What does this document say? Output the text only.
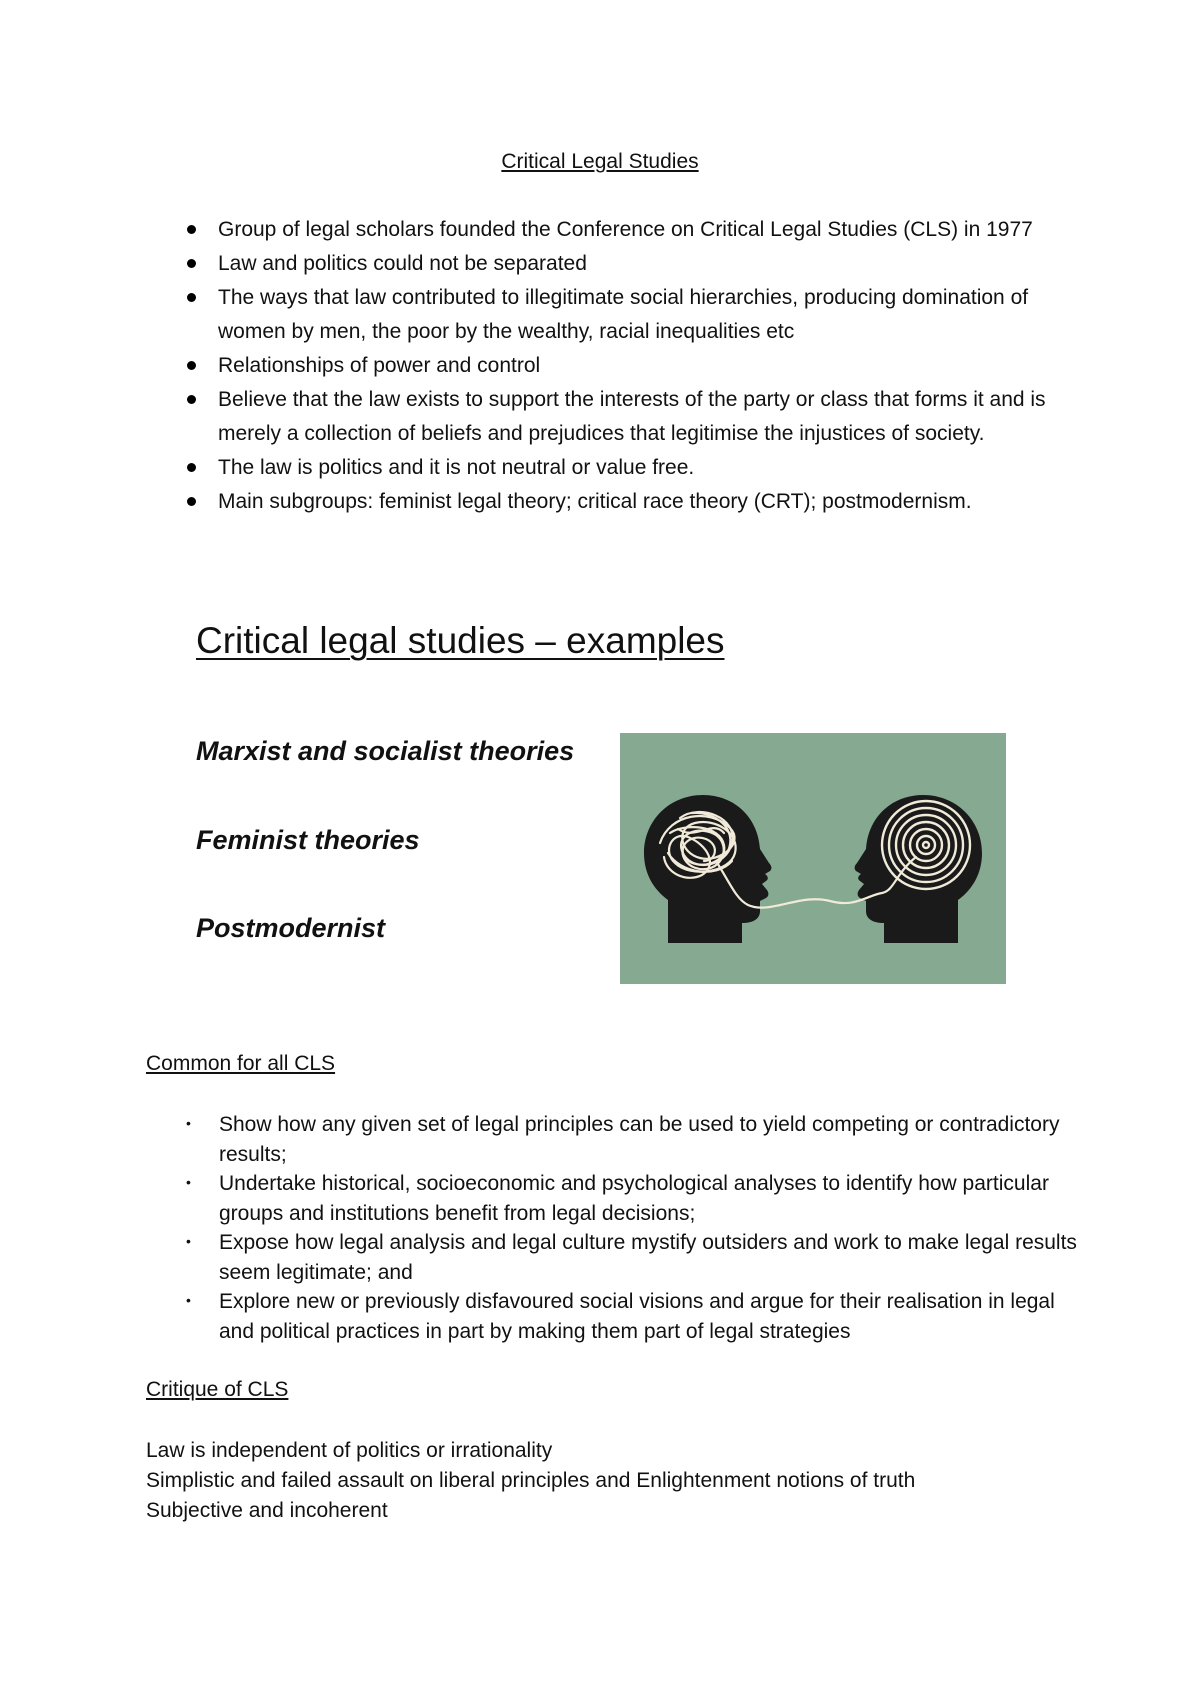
Critical Legal Studies
Group of legal scholars founded the Conference on Critical Legal Studies (CLS) in 1977
Law and politics could not be separated
The ways that law contributed to illegitimate social hierarchies, producing domination of women by men, the poor by the wealthy, racial inequalities etc
Relationships of power and control
Believe that the law exists to support the interests of the party or class that forms it and is merely a collection of beliefs and prejudices that legitimise the injustices of society.
The law is politics and it is not neutral or value free.
Main subgroups: feminist legal theory; critical race theory (CRT); postmodernism.
Critical legal studies – examples
Marxist and socialist theories
Feminist theories
Postmodernist
Common for all CLS
• Show how any given set of legal principles can be used to yield competing or contradictory results;
• Undertake historical, socioeconomic and psychological analyses to identify how particular groups and institutions benefit from legal decisions;
• Expose how legal analysis and legal culture mystify outsiders and work to make legal results seem legitimate; and
• Explore new or previously disfavoured social visions and argue for their realisation in legal and political practices in part by making them part of legal strategies
Critique of CLS
Law is independent of politics or irrationality
Simplistic and failed assault on liberal principles and Enlightenment notions of truth
Subjective and incoherent
